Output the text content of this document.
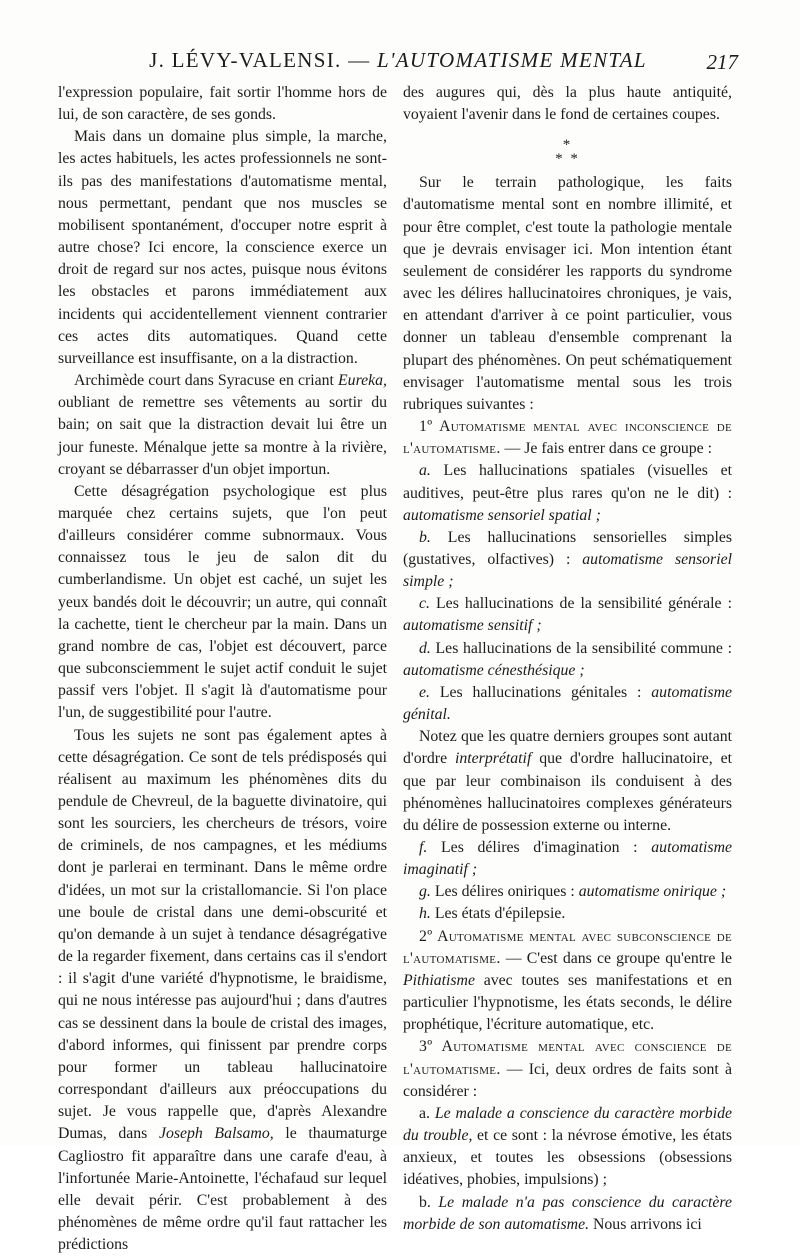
J. LÉVY-VALENSI. — L'AUTOMATISME MENTAL	217

l'expression populaire, fait sortir l'homme hors de lui, de son caractère, de ses gonds.

Mais dans un domaine plus simple, la marche, les actes habituels, les actes professionnels ne sont-ils pas des manifestations d'automatisme mental, nous permettant, pendant que nos muscles se mobilisent spontanément, d'occuper notre esprit à autre chose? Ici encore, la conscience exerce un droit de regard sur nos actes, puisque nous évitons les obstacles et parons immédiatement aux incidents qui accidentellement viennent contrarier ces actes dits automatiques. Quand cette surveillance est insuffisante, on a la distraction.

Archimède court dans Syracuse en criant Eureka, oubliant de remettre ses vêtements au sortir du bain; on sait que la distraction devait lui être un jour funeste. Ménalque jette sa montre à la rivière, croyant se débarrasser d'un objet importun.

Cette désagrégation psychologique est plus marquée chez certains sujets, que l'on peut d'ailleurs considérer comme subnormaux. Vous connaissez tous le jeu de salon dit du cumberlandisme. Un objet est caché, un sujet les yeux bandés doit le découvrir; un autre, qui connaît la cachette, tient le chercheur par la main. Dans un grand nombre de cas, l'objet est découvert, parce que subconsciemment le sujet actif conduit le sujet passif vers l'objet. Il s'agit là d'automatisme pour l'un, de suggestibilité pour l'autre.

Tous les sujets ne sont pas également aptes à cette désagrégation. Ce sont de tels prédisposés qui réalisent au maximum les phénomènes dits du pendule de Chevreul, de la baguette divinatoire, qui sont les sourciers, les chercheurs de trésors, voire de criminels, de nos campagnes, et les médiums dont je parlerai en terminant. Dans le même ordre d'idées, un mot sur la cristallomancie. Si l'on place une boule de cristal dans une demi-obscurité et qu'on demande à un sujet à tendance désagrégative de la regarder fixement, dans certains cas il s'endort : il s'agit d'une variété d'hypnotisme, le braidisme, qui ne nous intéresse pas aujourd'hui ; dans d'autres cas se dessinent dans la boule de cristal des images, d'abord informes, qui finissent par prendre corps pour former un tableau hallucinatoire correspondant d'ailleurs aux préoccupations du sujet. Je vous rappelle que, d'après Alexandre Dumas, dans Joseph Balsamo, le thaumaturge Cagliostro fit apparaître dans une carafe d'eau, à l'infortunée Marie-Antoinette, l'échafaud sur lequel elle devait périr. C'est probablement à des phénomènes de même ordre qu'il faut rattacher les prédictions

des augures qui, dès la plus haute antiquité, voyaient l'avenir dans le fond de certaines coupes.

*
* *

Sur le terrain pathologique, les faits d'automatisme mental sont en nombre illimité, et pour être complet, c'est toute la pathologie mentale que je devrais envisager ici. Mon intention étant seulement de considérer les rapports du syndrome avec les délires hallucinatoires chroniques, je vais, en attendant d'arriver à ce point particulier, vous donner un tableau d'ensemble comprenant la plupart des phénomènes. On peut schématiquement envisager l'automatisme mental sous les trois rubriques suivantes :

1º Automatisme mental avec inconscience de l'automatisme. — Je fais entrer dans ce groupe :

a. Les hallucinations spatiales (visuelles et auditives, peut-être plus rares qu'on ne le dit) : automatisme sensoriel spatial ;

b. Les hallucinations sensorielles simples (gustatives, olfactives) : automatisme sensoriel simple ;

c. Les hallucinations de la sensibilité générale : automatisme sensitif ;

d. Les hallucinations de la sensibilité commune : automatisme cénesthésique ;

e. Les hallucinations génitales : automatisme génital.

Notez que les quatre derniers groupes sont autant d'ordre interprétatif que d'ordre hallucinatoire, et que par leur combinaison ils conduisent à des phénomènes hallucinatoires complexes générateurs du délire de possession externe ou interne.

f. Les délires d'imagination : automatisme imaginatif ;

g. Les délires oniriques : automatisme onirique ;

h. Les états d'épilepsie.

2º Automatisme mental avec subconscience de l'automatisme. — C'est dans ce groupe qu'entre le Pithiatisme avec toutes ses manifestations et en particulier l'hypnotisme, les états seconds, le délire prophétique, l'écriture automatique, etc.

3º Automatisme mental avec conscience de l'automatisme. — Ici, deux ordres de faits sont à considérer :

a. Le malade a conscience du caractère morbide du trouble, et ce sont : la névrose émotive, les états anxieux, et toutes les obsessions (obsessions idéatives, phobies, impulsions) ;

b. Le malade n'a pas conscience du caractère morbide de son automatisme. Nous arrivons ici
